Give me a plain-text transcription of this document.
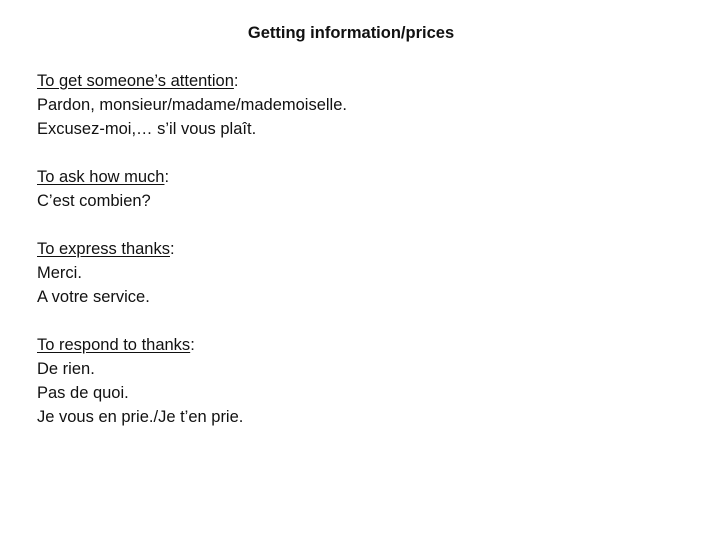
Getting information/prices
To get someone’s attention:
Pardon, monsieur/madame/mademoiselle.
Excusez-moi,… s’il vous plaît.
To ask how much:
C’est combien?
To express thanks:
Merci.
A votre service.
To respond to thanks:
De rien.
Pas de quoi.
Je vous en prie./Je t’en prie.
